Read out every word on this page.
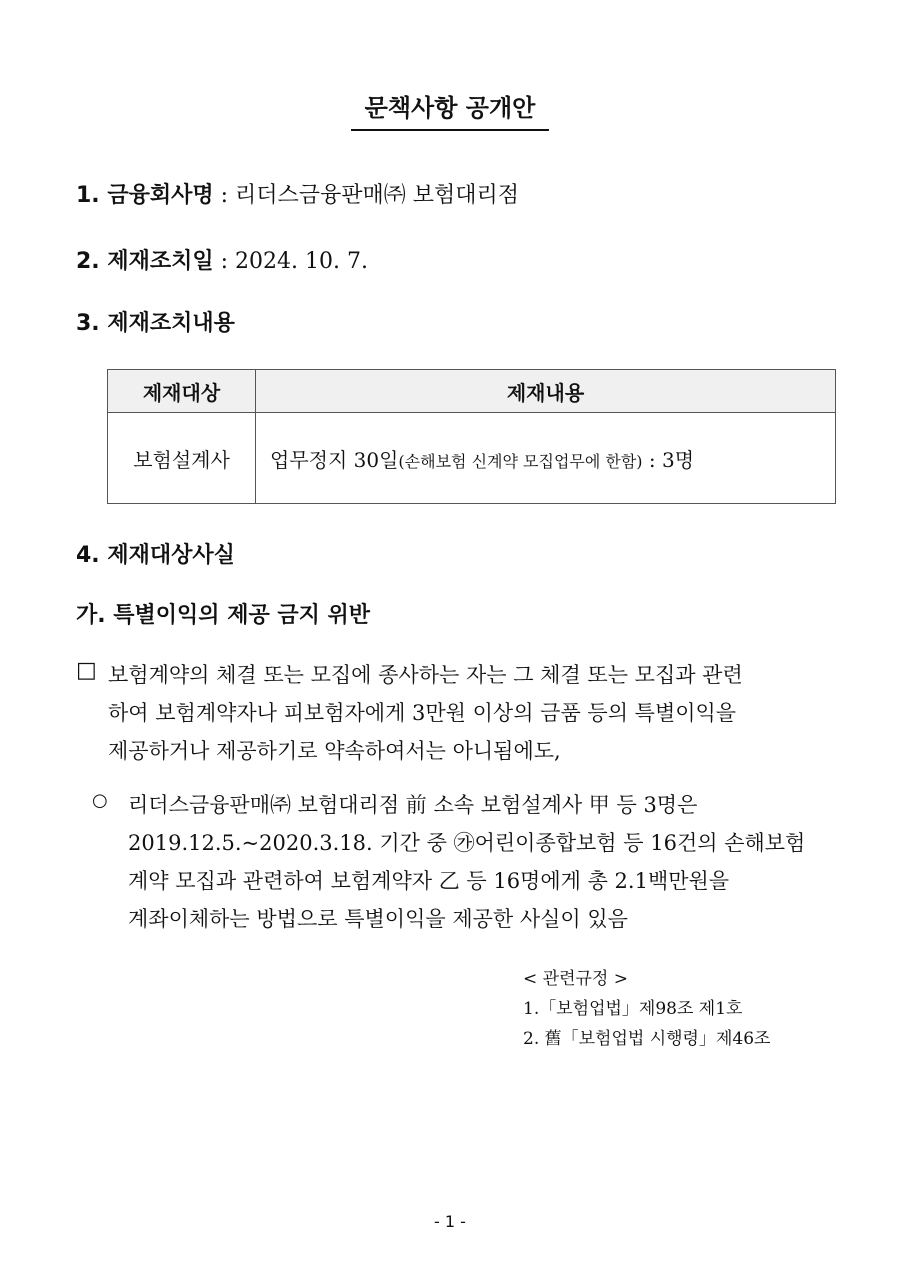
문책사항 공개안
1. 금융회사명 : 리더스금융판매㈜ 보험대리점
2. 제재조치일 : 2024. 10. 7.
3. 제재조치내용
제재대상	제재내용
보험설계사	업무정지 30일(손해보험 신계약 모집업무에 한함) : 3명
4. 제재대상사실
가. 특별이익의 제공 금지 위반
□ 보험계약의 체결 또는 모집에 종사하는 자는 그 체결 또는 모집과 관련
하여 보험계약자나 피보험자에게 3만원 이상의 금품 등의 특별이익을
제공하거나 제공하기로 약속하여서는 아니됨에도,
○ 리더스금융판매㈜ 보험대리점 前 소속 보험설계사 甲 등 3명은
2019.12.5.~2020.3.18. 기간 중 ㉮어린이종합보험 등 16건의 손해보험
계약 모집과 관련하여 보험계약자 乙 등 16명에게 총 2.1백만원을
계좌이체하는 방법으로 특별이익을 제공한 사실이 있음
< 관련규정 >
1.「보험업법」제98조 제1호
2. 舊「보험업법 시행령」제46조
- 1 -
